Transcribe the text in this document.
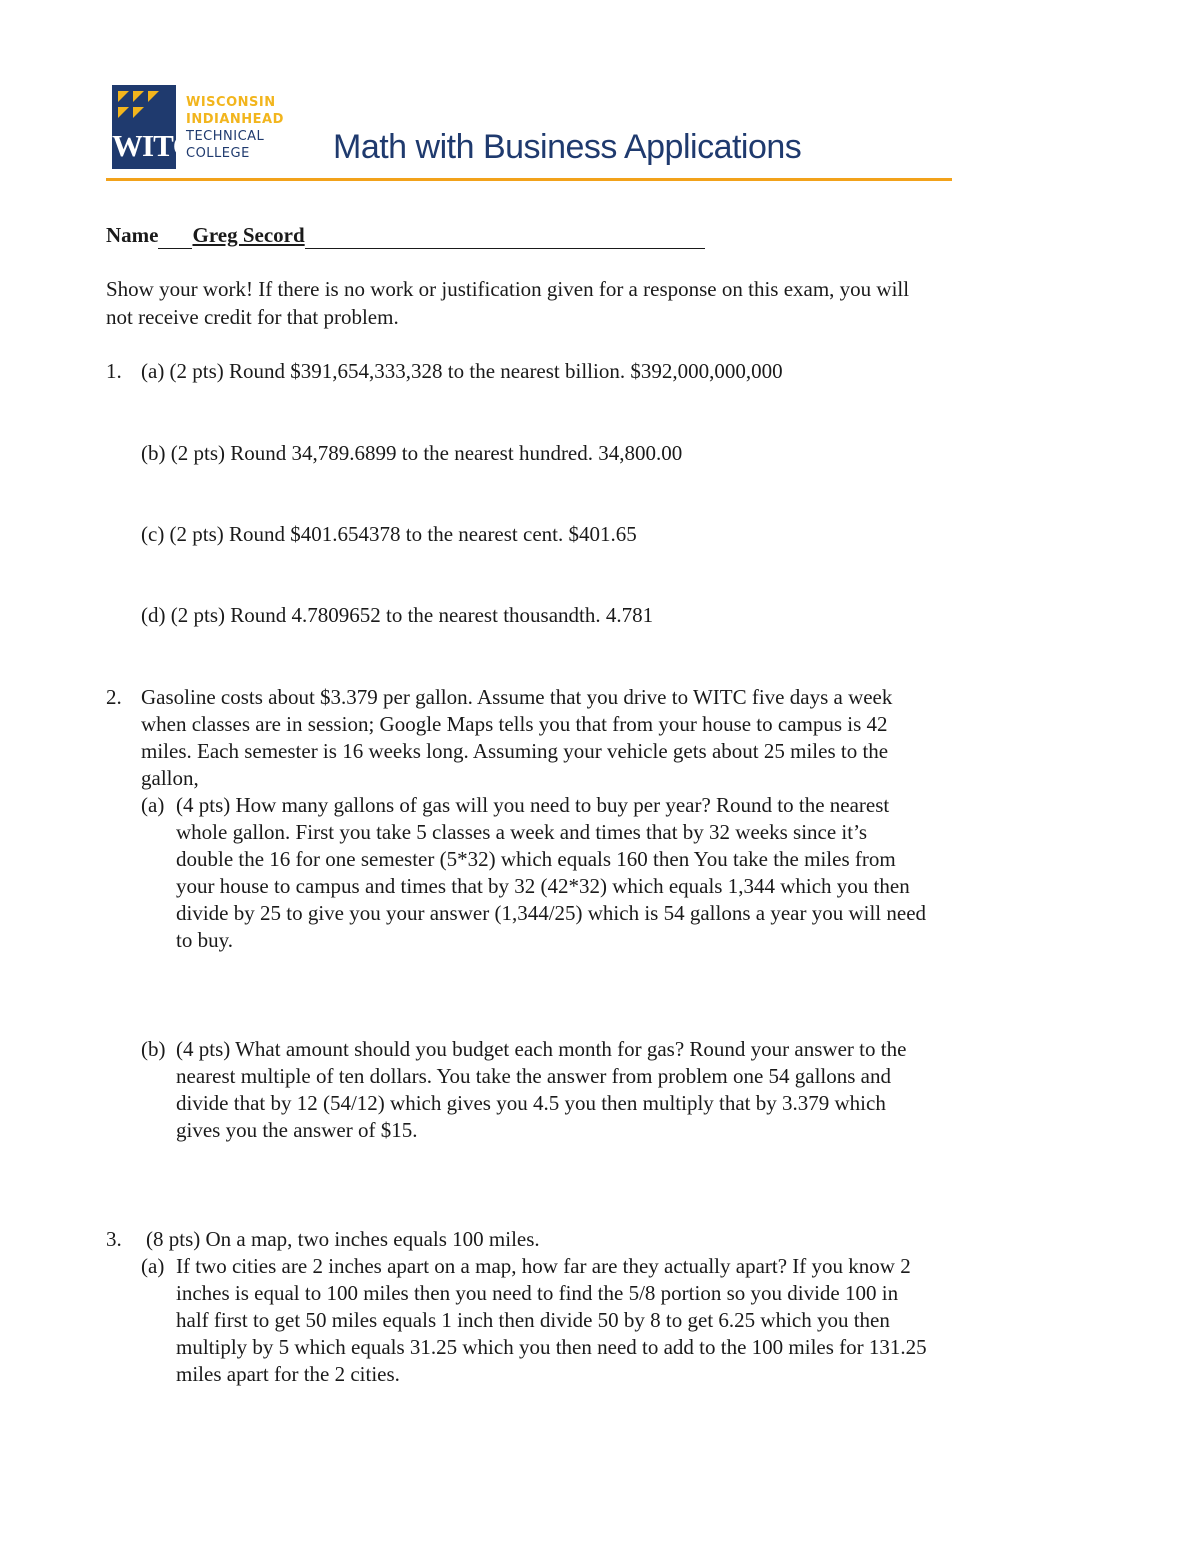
WITC
WISCONSIN
INDIANHEAD
TECHNICAL
COLLEGE	Math with Business Applications
Name Greg Secord
Show your work! If there is no work or justification given for a response on this exam, you will
not receive credit for that problem.
1. (a) (2 pts) Round $391,654,333,328 to the nearest billion. $392,000,000,000
(b) (2 pts) Round 34,789.6899 to the nearest hundred. 34,800.00
(c) (2 pts) Round $401.654378 to the nearest cent. $401.65
(d) (2 pts) Round 4.7809652 to the nearest thousandth. 4.781
2. Gasoline costs about $3.379 per gallon. Assume that you drive to WITC five days a week
when classes are in session; Google Maps tells you that from your house to campus is 42
miles. Each semester is 16 weeks long. Assuming your vehicle gets about 25 miles to the
gallon,
(a) (4 pts) How many gallons of gas will you need to buy per year? Round to the nearest
whole gallon. First you take 5 classes a week and times that by 32 weeks since it’s
double the 16 for one semester (5*32) which equals 160 then You take the miles from
your house to campus and times that by 32 (42*32) which equals 1,344 which you then
divide by 25 to give you your answer (1,344/25) which is 54 gallons a year you will need
to buy.
(b) (4 pts) What amount should you budget each month for gas? Round your answer to the
nearest multiple of ten dollars. You take the answer from problem one 54 gallons and
divide that by 12 (54/12) which gives you 4.5 you then multiply that by 3.379 which
gives you the answer of $15.
3. (8 pts) On a map, two inches equals 100 miles.
(a) If two cities are 2 inches apart on a map, how far are they actually apart? If you know 2
inches is equal to 100 miles then you need to find the 5/8 portion so you divide 100 in
half first to get 50 miles equals 1 inch then divide 50 by 8 to get 6.25 which you then
multiply by 5 which equals 31.25 which you then need to add to the 100 miles for 131.25
miles apart for the 2 cities.
